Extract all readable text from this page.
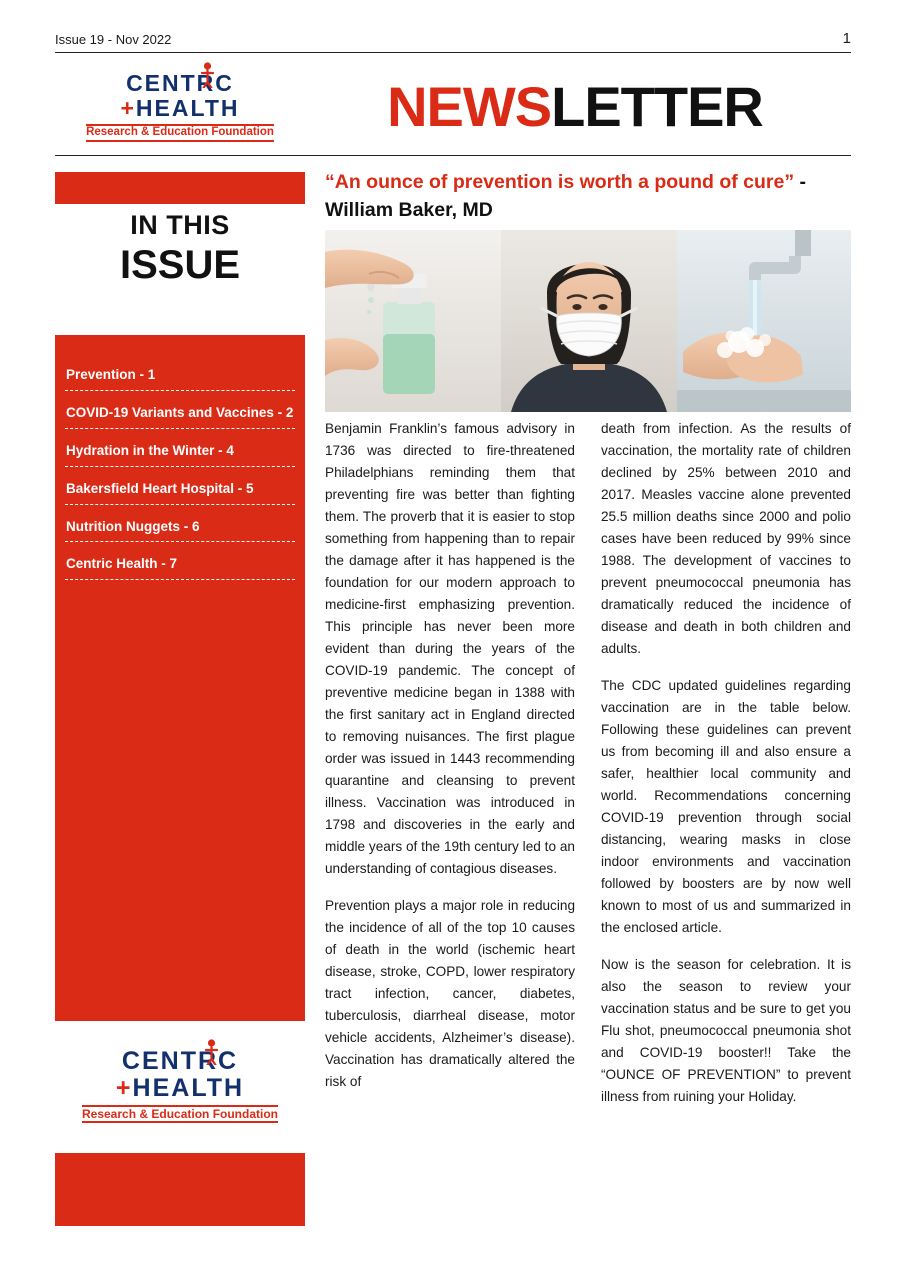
Issue 19 - Nov 2022	1
CENTRC
+HEALTH
Research & Education Foundation	NEWSLETTER
IN THIS
ISSUE
Prevention - 1
COVID-19 Variants and Vaccines - 2
Hydration in the Winter - 4
Bakersfield Heart Hospital - 5
Nutrition Nuggets - 6
Centric Health - 7
CENTRC
+HEALTH
Research & Education Foundation
“An ounce of prevention is worth a pound of cure” - William Baker, MD

Benjamin Franklin’s famous advisory in 1736 was directed to fire-threatened Philadelphians reminding them that preventing fire was better than fighting them. The proverb that it is easier to stop something from happening than to repair the damage after it has happened is the foundation for our modern approach to medicine-first emphasizing prevention. This principle has never been more evident than during the years of the COVID-19 pandemic. The concept of preventive medicine began in 1388 with the first sanitary act in England directed to removing nuisances. The first plague order was issued in 1443 recommending quarantine and cleansing to prevent illness. Vaccination was introduced in 1798 and discoveries in the early and middle years of the 19th century led to an understanding of contagious diseases.

Prevention plays a major role in reducing the incidence of all of the top 10 causes of death in the world (ischemic heart disease, stroke, COPD, lower respiratory tract infection, cancer, diabetes, tuberculosis, diarrheal disease, motor vehicle accidents, Alzheimer’s disease). Vaccination has dramatically altered the risk of

death from infection. As the results of vaccination, the mortality rate of children declined by 25% between 2010 and 2017. Measles vaccine alone prevented 25.5 million deaths since 2000 and polio cases have been reduced by 99% since 1988. The development of vaccines to prevent pneumococcal pneumonia has dramatically reduced the incidence of disease and death in both children and adults.

The CDC updated guidelines regarding vaccination are in the table below. Following these guidelines can prevent us from becoming ill and also ensure a safer, healthier local community and world. Recommendations concerning COVID-19 prevention through social distancing, wearing masks in close indoor environments and vaccination followed by boosters are by now well known to most of us and summarized in the enclosed article.

Now is the season for celebration. It is also the season to review your vaccination status and be sure to get you Flu shot, pneumococcal pneumonia shot and COVID-19 booster!! Take the “OUNCE OF PREVENTION” to prevent illness from ruining your Holiday.
